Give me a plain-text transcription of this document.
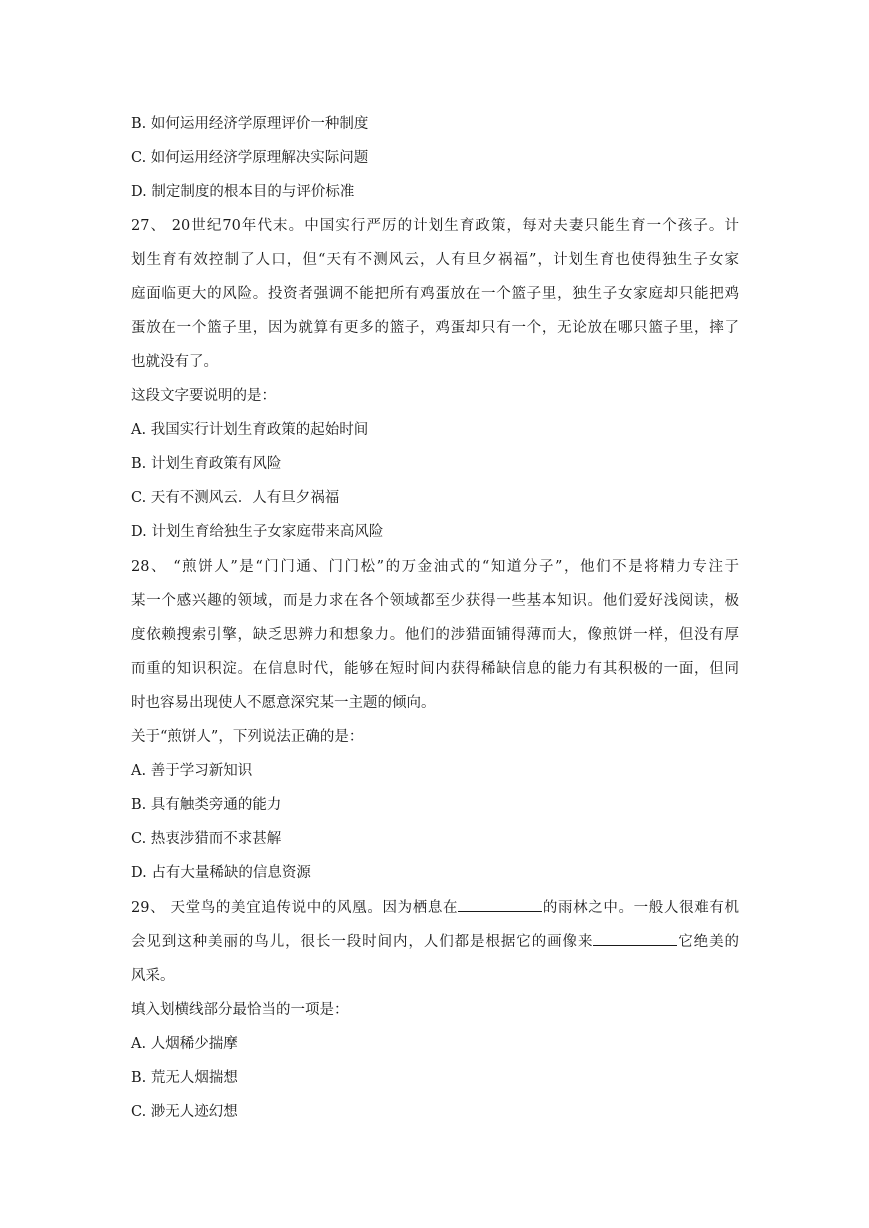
B. 如何运用经济学原理评价一种制度
C. 如何运用经济学原理解决实际问题
D. 制定制度的根本目的与评价标准
27、 20世纪70年代末。中国实行严厉的计划生育政策，每对夫妻只能生育一个孩子。计
划生育有效控制了人口，但“天有不测风云，人有旦夕祸福”，计划生育也使得独生子女家
庭面临更大的风险。投资者强调不能把所有鸡蛋放在一个篮子里，独生子女家庭却只能把鸡
蛋放在一个篮子里，因为就算有更多的篮子，鸡蛋却只有一个，无论放在哪只篮子里，摔了
也就没有了。
这段文字要说明的是：
A. 我国实行计划生育政策的起始时间
B. 计划生育政策有风险
C. 天有不测风云．人有旦夕祸福
D. 计划生育给独生子女家庭带来高风险
28、 “煎饼人”是“门门通、门门松”的万金油式的“知道分子”，他们不是将精力专注于
某一个感兴趣的领域，而是力求在各个领域都至少获得一些基本知识。他们爱好浅阅读，极
度依赖搜索引擎，缺乏思辨力和想象力。他们的涉猎面铺得薄而大，像煎饼一样，但没有厚
而重的知识积淀。在信息时代，能够在短时间内获得稀缺信息的能力有其积极的一面，但同
时也容易出现使人不愿意深究某一主题的倾向。
关于“煎饼人”，下列说法正确的是：
A. 善于学习新知识
B. 具有触类旁通的能力
C. 热衷涉猎而不求甚解
D. 占有大量稀缺的信息资源
29、 天堂鸟的美宜追传说中的风凰。因为栖息在	的雨林之中。一般人很难有机
会见到这种美丽的鸟儿，很长一段时间内，人们都是根据它的画像来	它绝美的
风采。
填入划横线部分最恰当的一项是：
A. 人烟稀少揣摩
B. 荒无人烟揣想
C. 渺无人迹幻想
